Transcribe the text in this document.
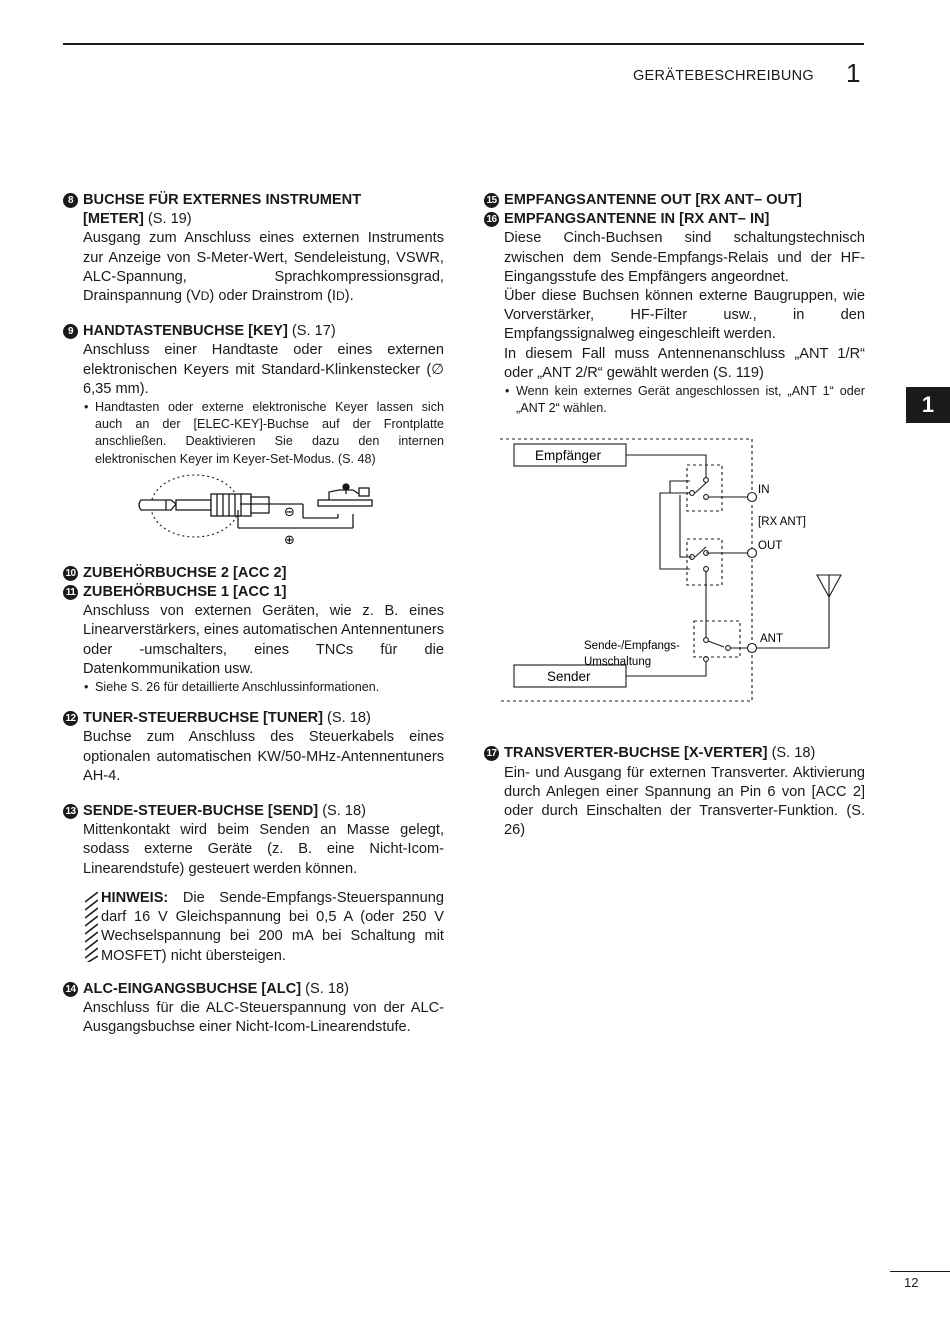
GERÄTEBESCHREIBUNG 1
1
8 BUCHSE FÜR EXTERNES INSTRUMENT
[METER] (S. 19)
Ausgang zum Anschluss eines externen Instruments zur Anzeige von S-Meter-Wert, Sendeleistung, VSWR, ALC-Spannung, Sprachkompressionsgrad, Drainspannung (VD) oder Drainstrom (ID).
9 HANDTASTENBUCHSE [KEY] (S. 17)
Anschluss einer Handtaste oder eines externen elektronischen Keyers mit Standard-Klinkenstecker (∅ 6,35 mm).
• Handtasten oder externe elektronische Keyer lassen sich auch an der [ELEC-KEY]-Buchse auf der Frontplatte anschließen. Deaktivieren Sie dazu den internen elektronischen Keyer im Keyer-Set-Modus. (S. 48)
⊖
⊕
10 ZUBEHÖRBUCHSE 2 [ACC 2]
11 ZUBEHÖRBUCHSE 1 [ACC 1]
Anschluss von externen Geräten, wie z. B. eines Linearverstärkers, eines automatischen Antennentuners oder -umschalters, eines TNCs für die Datenkommunikation usw.
• Siehe S. 26 für detaillierte Anschlussinformationen.
12 TUNER-STEUERBUCHSE [TUNER] (S. 18)
Buchse zum Anschluss des Steuerkabels eines optionalen automatischen KW/50-MHz-Antennentuners AH-4.
13 SENDE-STEUER-BUCHSE [SEND] (S. 18)
Mittenkontakt wird beim Senden an Masse gelegt, sodass externe Geräte (z. B. eine Nicht-Icom-Linearendstufe) gesteuert werden können.
HINWEIS: Die Sende-Empfangs-Steuerspannung darf 16 V Gleichspannung bei 0,5 A (oder 250 V Wechselspannung bei 200 mA bei Schaltung mit MOSFET) nicht übersteigen.
14 ALC-EINGANGSBUCHSE [ALC] (S. 18)
Anschluss für die ALC-Steuerspannung von der ALC-Ausgangsbuchse einer Nicht-Icom-Linearendstufe.
15 EMPFANGSANTENNE OUT [RX ANT– OUT]
16 EMPFANGSANTENNE IN [RX ANT– IN]
Diese Cinch-Buchsen sind schaltungstechnisch zwischen dem Sende-Empfangs-Relais und der HF-Eingangsstufe des Empfängers angeordnet.
Über diese Buchsen können externe Baugruppen, wie Vorverstärker, HF-Filter usw., in den Empfangssignalweg eingeschleift werden.
In diesem Fall muss Antennenanschluss „ANT 1/R“ oder „ANT 2/R“ gewählt werden (S. 119)
• Wenn kein externes Gerät angeschlossen ist, „ANT 1“ oder „ANT 2“ wählen.
Empfänger
Sender
IN
[RX ANT]
OUT
ANT
Sende-/Empfangs-
Umschaltung
17 TRANSVERTER-BUCHSE [X-VERTER] (S. 18)
Ein- und Ausgang für externen Transverter. Aktivierung durch Anlegen einer Spannung an Pin 6 von [ACC 2] oder durch Einschalten der Transverter-Funktion. (S. 26)
12
